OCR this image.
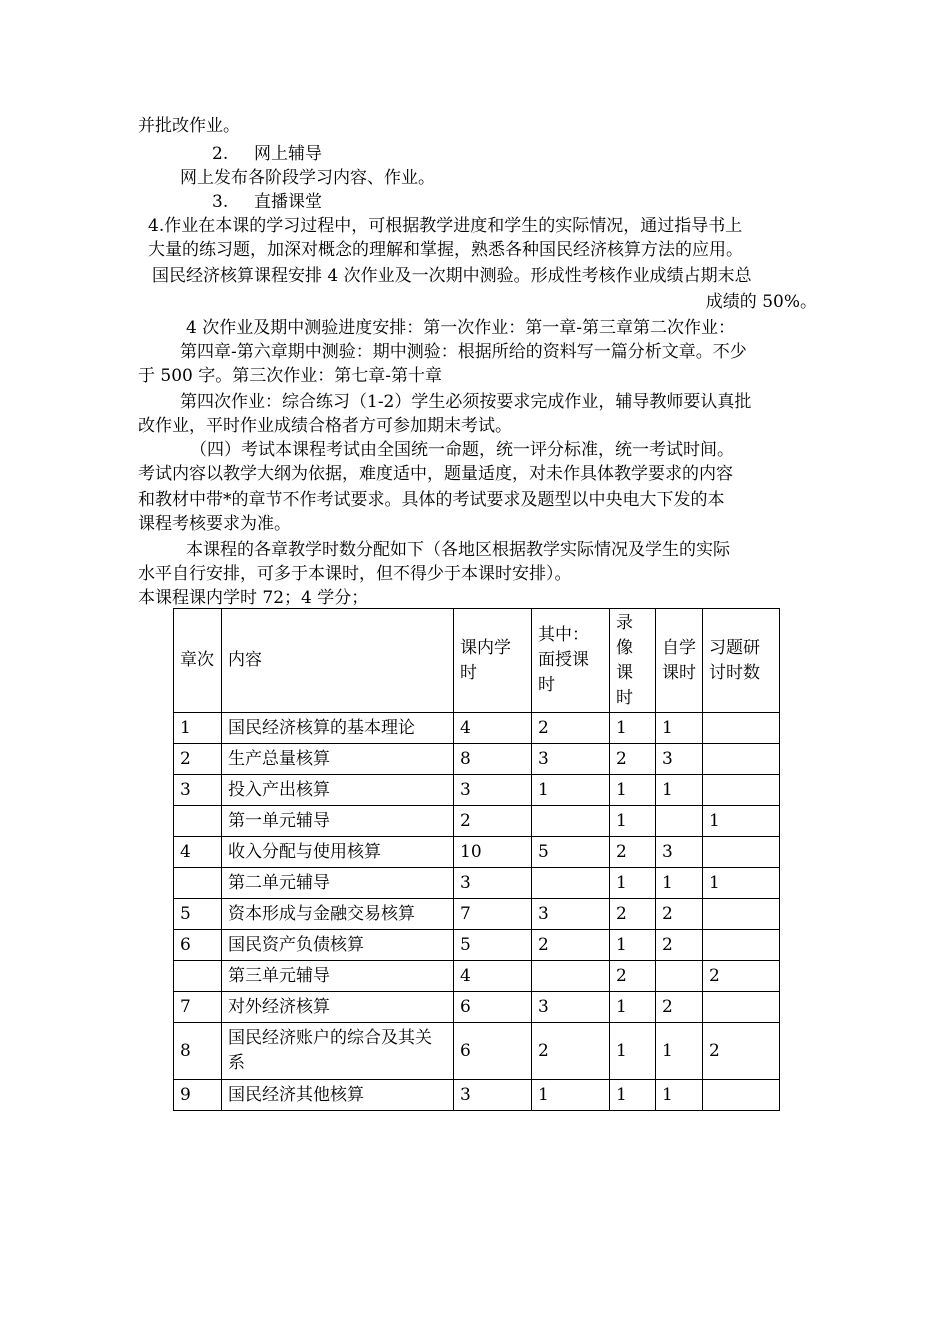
并批改作业。
2. 网上辅导
网上发布各阶段学习内容、作业。
3. 直播课堂
4.作业在本课的学习过程中，可根据教学进度和学生的实际情况，通过指导书上
大量的练习题，加深对概念的理解和掌握，熟悉各种国民经济核算方法的应用。
国民经济核算课程安排 4 次作业及一次期中测验。形成性考核作业成绩占期末总
成绩的 50%。
4 次作业及期中测验进度安排：第一次作业：第一章-第三章第二次作业：
第四章-第六章期中测验：期中测验：根据所给的资料写一篇分析文章。不少
于 500 字。第三次作业：第七章-第十章
第四次作业：综合练习（1-2）学生必须按要求完成作业，辅导教师要认真批
改作业，平时作业成绩合格者方可参加期末考试。
（四）考试本课程考试由全国统一命题，统一评分标准，统一考试时间。
考试内容以教学大纲为依据，难度适中，题量适度，对未作具体教学要求的内容
和教材中带*的章节不作考试要求。具体的考试要求及题型以中央电大下发的本
课程考核要求为准。
本课程的各章教学时数分配如下（各地区根据教学实际情况及学生的实际
水平自行安排，可多于本课时，但不得少于本课时安排）。
本课程课内学时 72；4 学分；
章次	内容	课内学时	其中：面授课时	录像课时	自学课时	习题研讨时数
1	国民经济核算的基本理论	4	2	1	1	
2	生产总量核算	8	3	2	3	
3	投入产出核算	3	1	1	1	
	第一单元辅导	2		1		1
4	收入分配与使用核算	10	5	2	3	
	第二单元辅导	3		1	1	1
5	资本形成与金融交易核算	7	3	2	2	
6	国民资产负债核算	5	2	1	2	
	第三单元辅导	4		2		2
7	对外经济核算	6	3	1	2	
8	国民经济账户的综合及其关系	6	2	1	1	2
9	国民经济其他核算	3	1	1	1	
